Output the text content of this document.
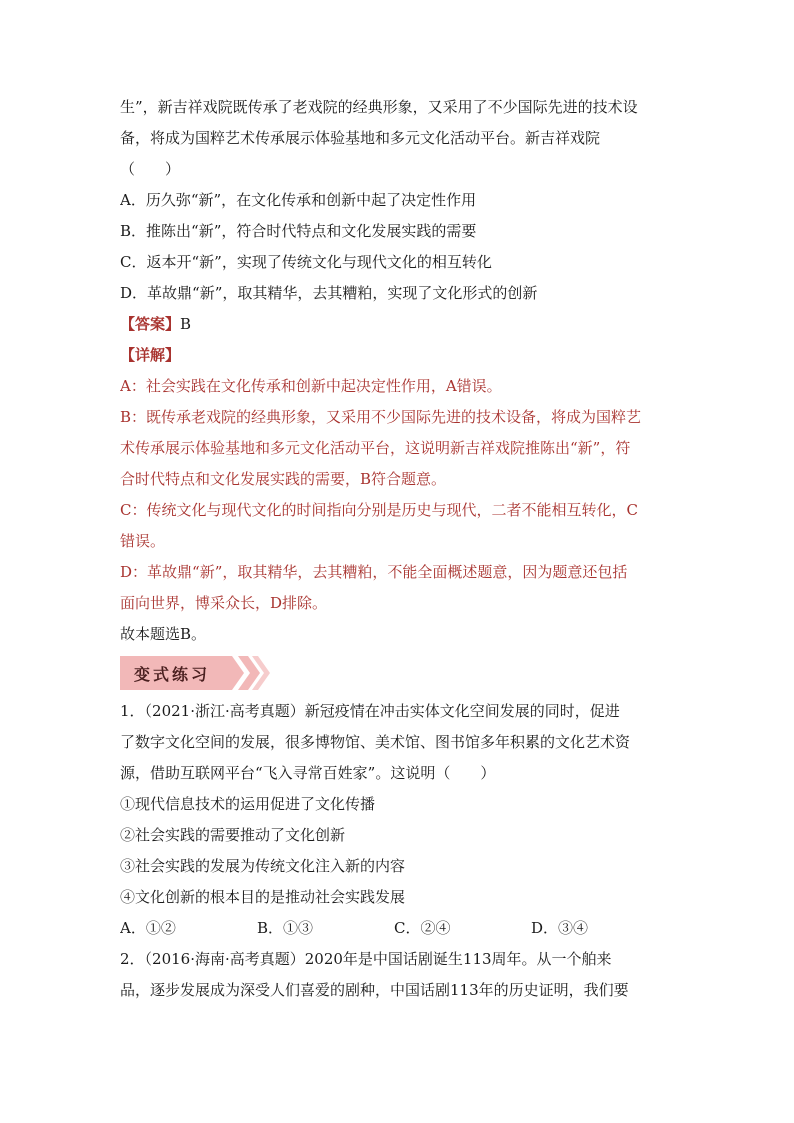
生”，新吉祥戏院既传承了老戏院的经典形象，又采用了不少国际先进的技术设
备，将成为国粹艺术传承展示体验基地和多元文化活动平台。新吉祥戏院
（　　）
A．历久弥“新”，在文化传承和创新中起了决定性作用
B．推陈出“新”，符合时代特点和文化发展实践的需要
C．返本开“新”，实现了传统文化与现代文化的相互转化
D．革故鼎“新”，取其精华，去其糟粕，实现了文化形式的创新
【答案】B
【详解】
A：社会实践在文化传承和创新中起决定性作用，A错误。
B：既传承老戏院的经典形象，又采用不少国际先进的技术设备，将成为国粹艺
术传承展示体验基地和多元文化活动平台，这说明新吉祥戏院推陈出“新”，符
合时代特点和文化发展实践的需要，B符合题意。
C：传统文化与现代文化的时间指向分别是历史与现代，二者不能相互转化，C
错误。
D：革故鼎“新”，取其精华，去其糟粕，不能全面概述题意，因为题意还包括
面向世界，博采众长，D排除。
故本题选B。
变式练习
1．（2021·浙江·高考真题）新冠疫情在冲击实体文化空间发展的同时，促进
了数字文化空间的发展，很多博物馆、美术馆、图书馆多年积累的文化艺术资
源，借助互联网平台“飞入寻常百姓家”。这说明（　　）
①现代信息技术的运用促进了文化传播
②社会实践的需要推动了文化创新
③社会实践的发展为传统文化注入新的内容
④文化创新的根本目的是推动社会实践发展
A．①②	B．①③	C．②④	D．③④
2．（2016·海南·高考真题）2020年是中国话剧诞生113周年。从一个舶来
品，逐步发展成为深受人们喜爱的剧种，中国话剧113年的历史证明，我们要
